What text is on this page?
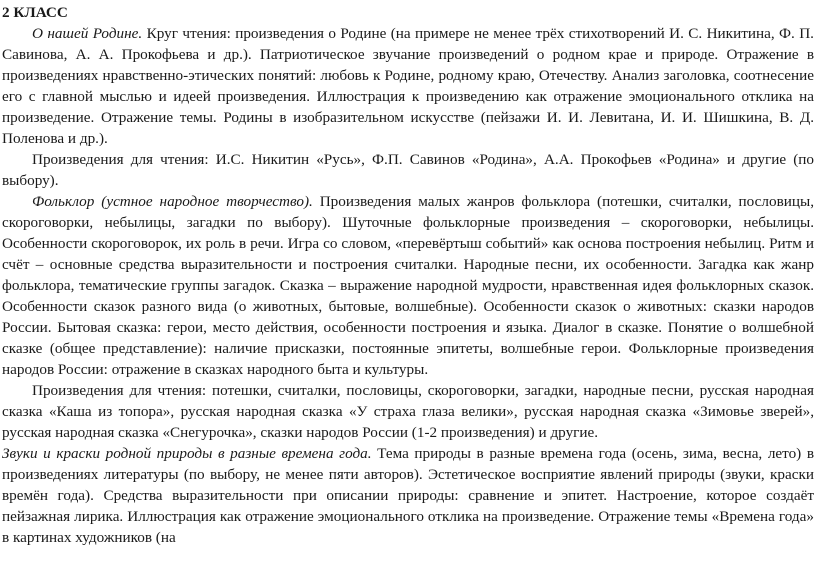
2 КЛАСС

О нашей Родине. Круг чтения: произведения о Родине (на примере не менее трёх стихотворений И. С. Никитина, Ф. П. Савинова, А. А. Прокофьева и др.). Патриотическое звучание произведений о родном крае и природе. Отражение в произведениях нравственно-этических понятий: любовь к Родине, родному краю, Отечеству. Анализ заголовка, соотнесение его с главной мыслью и идеей произведения. Иллюстрация к произведению как отражение эмоционального отклика на произведение. Отражение темы. Родины в изобразительном искусстве (пейзажи И. И. Левитана, И. И. Шишкина, В. Д. Поленова и др.).

Произведения для чтения: И.С. Никитин «Русь», Ф.П. Савинов «Родина», А.А. Прокофьев «Родина» и другие (по выбору).

Фольклор (устное народное творчество). Произведения малых жанров фольклора (потешки, считалки, пословицы, скороговорки, небылицы, загадки по выбору). Шуточные фольклорные произведения – скороговорки, небылицы. Особенности скороговорок, их роль в речи. Игра со словом, «перевёртыш событий» как основа построения небылиц. Ритм и счёт – основные средства выразительности и построения считалки. Народные песни, их особенности. Загадка как жанр фольклора, тематические группы загадок. Сказка – выражение народной мудрости, нравственная идея фольклорных сказок. Особенности сказок разного вида (о животных, бытовые, волшебные). Особенности сказок о животных: сказки народов России. Бытовая сказка: герои, место действия, особенности построения и языка. Диалог в сказке. Понятие о волшебной сказке (общее представление): наличие присказки, постоянные эпитеты, волшебные герои. Фольклорные произведения народов России: отражение в сказках народного быта и культуры.

Произведения для чтения: потешки, считалки, пословицы, скороговорки, загадки, народные песни, русская народная сказка «Каша из топора», русская народная сказка «У страха глаза велики», русская народная сказка «Зимовье зверей», русская народная сказка «Снегурочка», сказки народов России (1-2 произведения) и другие.

Звуки и краски родной природы в разные времена года. Тема природы в разные времена года (осень, зима, весна, лето) в произведениях литературы (по выбору, не менее пяти авторов). Эстетическое восприятие явлений природы (звуки, краски времён года). Средства выразительности при описании природы: сравнение и эпитет. Настроение, которое создаёт пейзажная лирика. Иллюстрация как отражение эмоционального отклика на произведение. Отражение темы «Времена года» в картинах художников (на
